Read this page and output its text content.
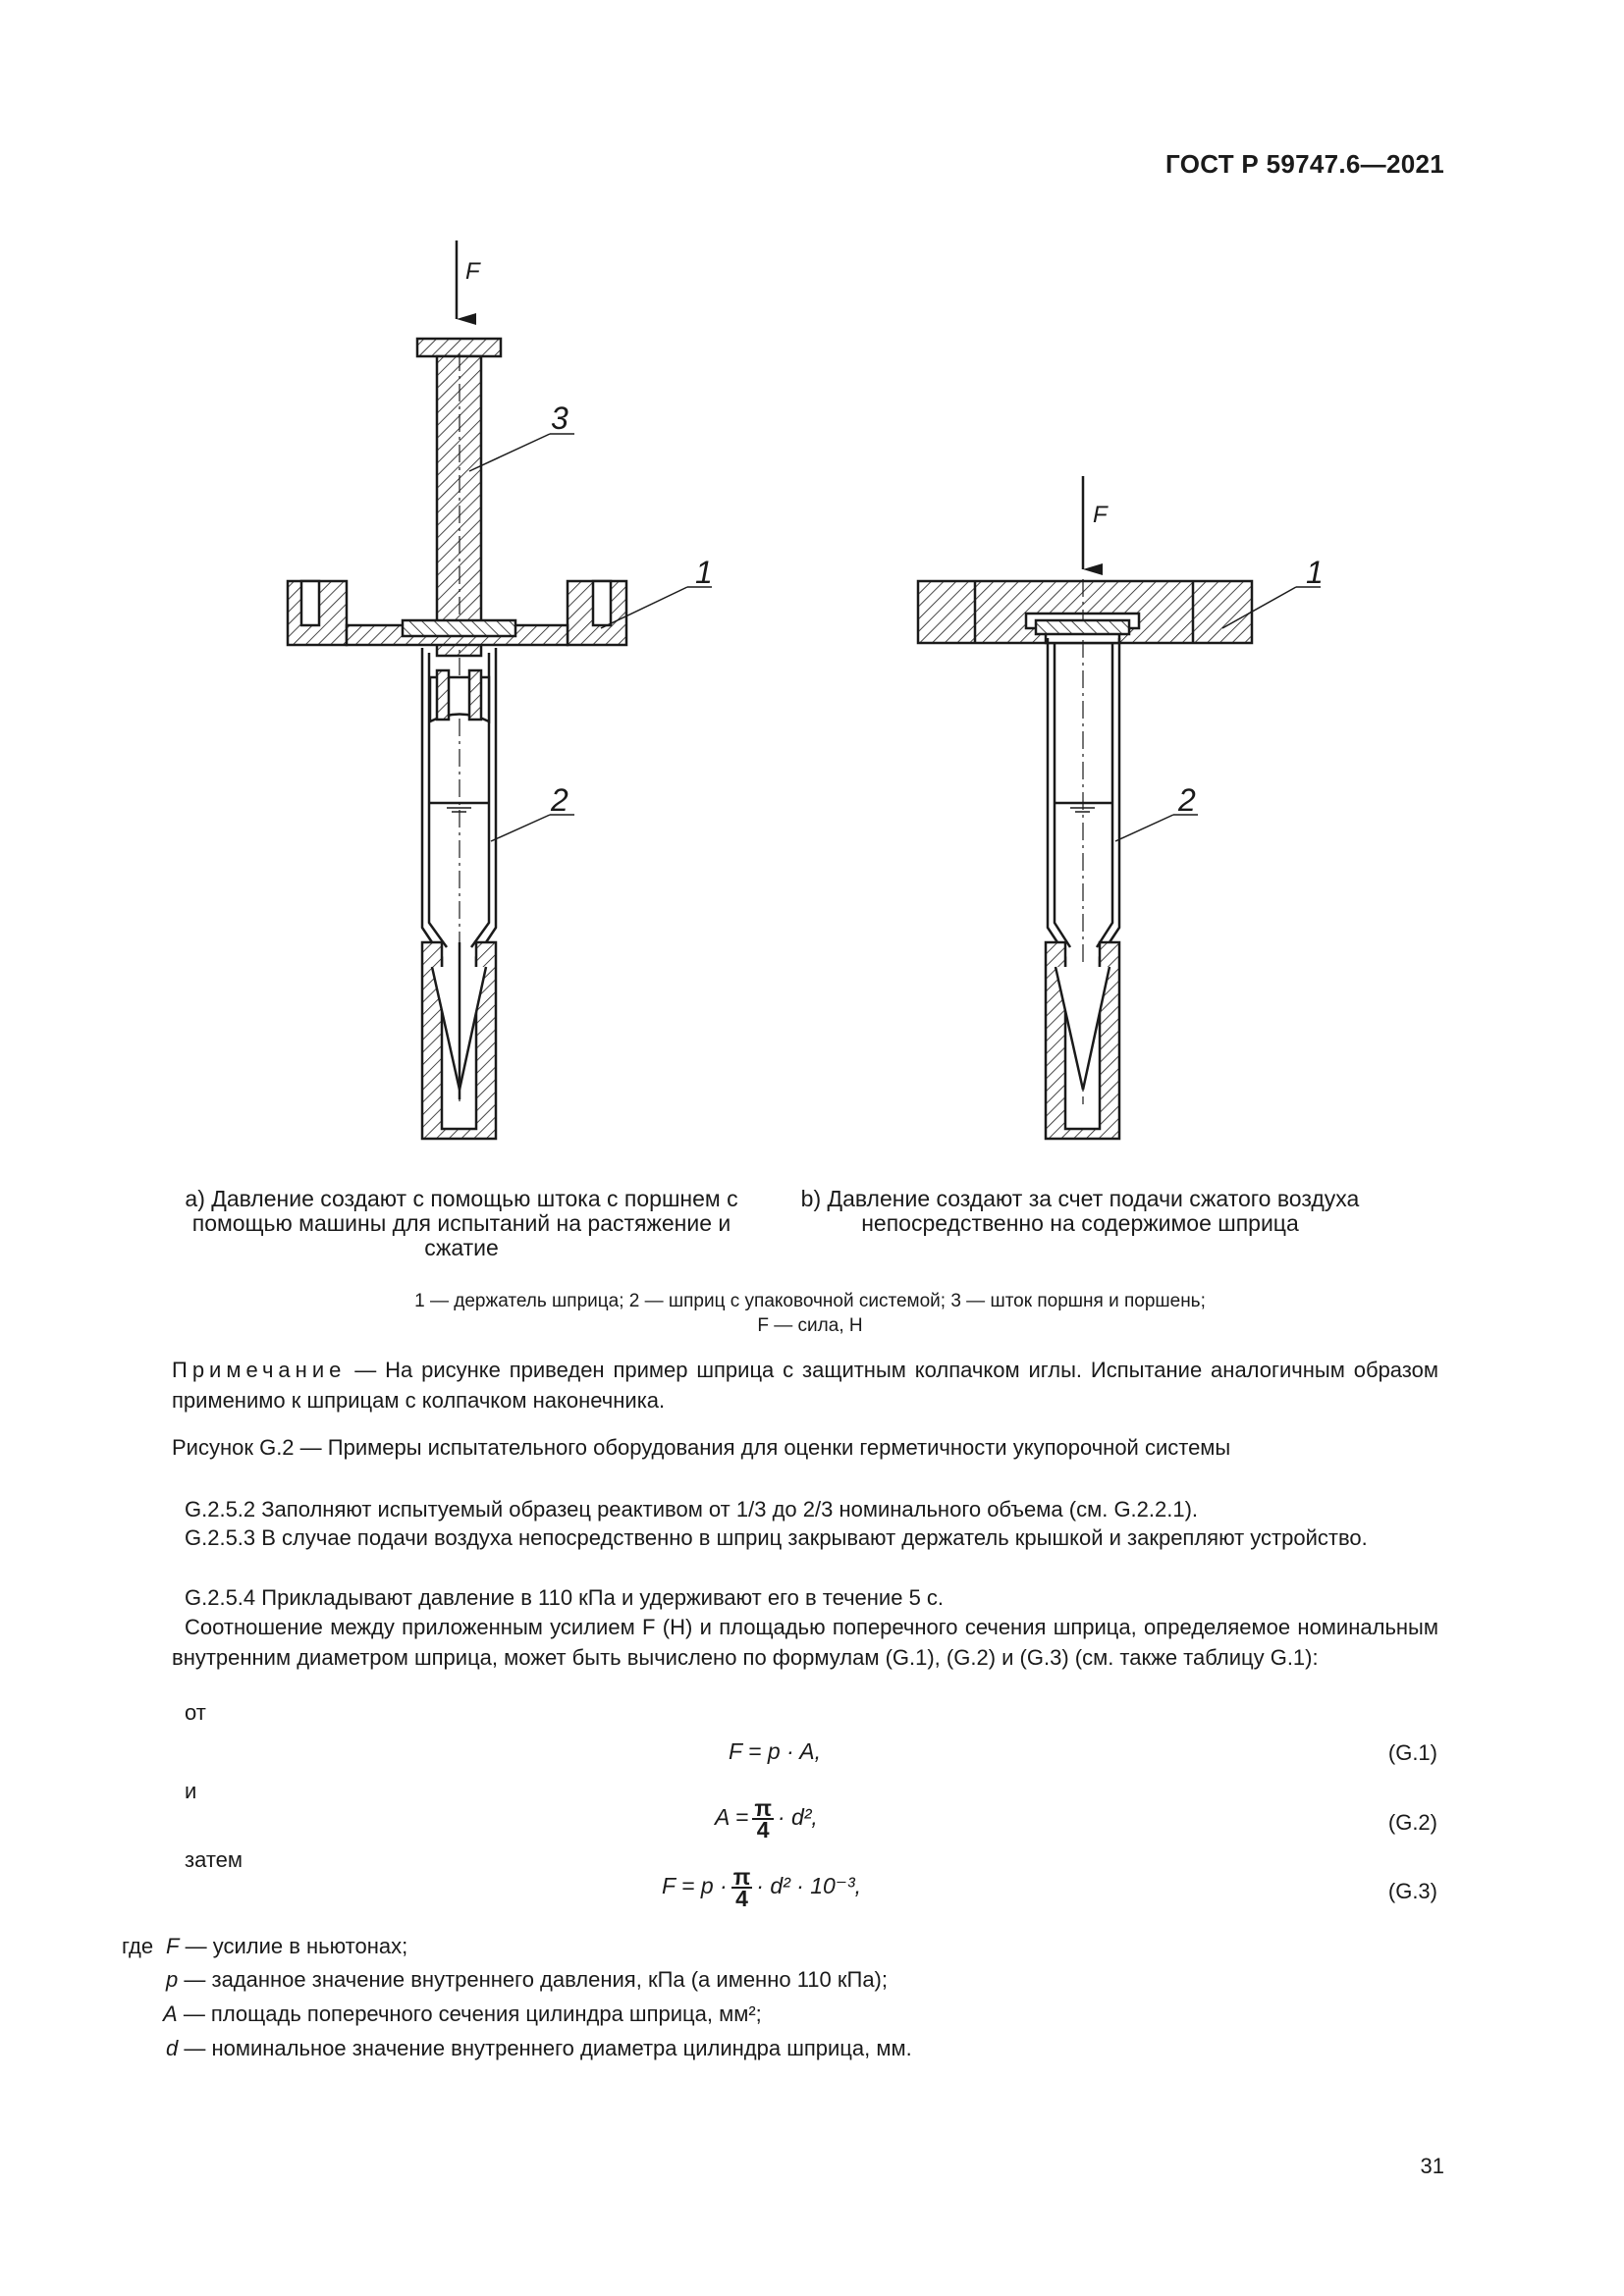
ГОСТ Р 59747.6—2021
F
3
1
2
F
1
2
а) Давление создают с помощью штока с поршнем с помощью машины для испытаний на растяжение и сжатие
b) Давление создают за счет подачи сжатого воздуха непосредственно на содержимое шприца
1 — держатель шприца; 2 — шприц с упаковочной системой; 3 — шток поршня и поршень;
F — сила, Н
Примечание — На рисунке приведен пример шприца с защитным колпачком иглы. Испытание аналогичным образом применимо к шприцам с колпачком наконечника.
Рисунок G.2 — Примеры испытательного оборудования для оценки герметичности укупорочной системы
G.2.5.2 Заполняют испытуемый образец реактивом от 1/3 до 2/3 номинального объема (см. G.2.2.1).
G.2.5.3 В случае подачи воздуха непосредственно в шприц закрывают держатель крышкой и закрепляют устройство.
G.2.5.4 Прикладывают давление в 110 кПа и удерживают его в течение 5 с.
Соотношение между приложенным усилием F (Н) и площадью поперечного сечения шприца, определяемое номинальным внутренним диаметром шприца, может быть вычислено по формулам (G.1), (G.2) и (G.3) (см. также таблицу G.1):
от
F = p · A,	(G.1)
и
$A = \frac{\pi}{4} \cdot d^2$,	(G.2)
затем
$F = p \cdot \frac{\pi}{4} \cdot d^2 \cdot 10^{-3}$,	(G.3)
где F — усилие в ньютонах;
p — заданное значение внутреннего давления, кПа (а именно 110 кПа);
A — площадь поперечного сечения цилиндра шприца, мм²;
d — номинальное значение внутреннего диаметра цилиндра шприца, мм.
31
